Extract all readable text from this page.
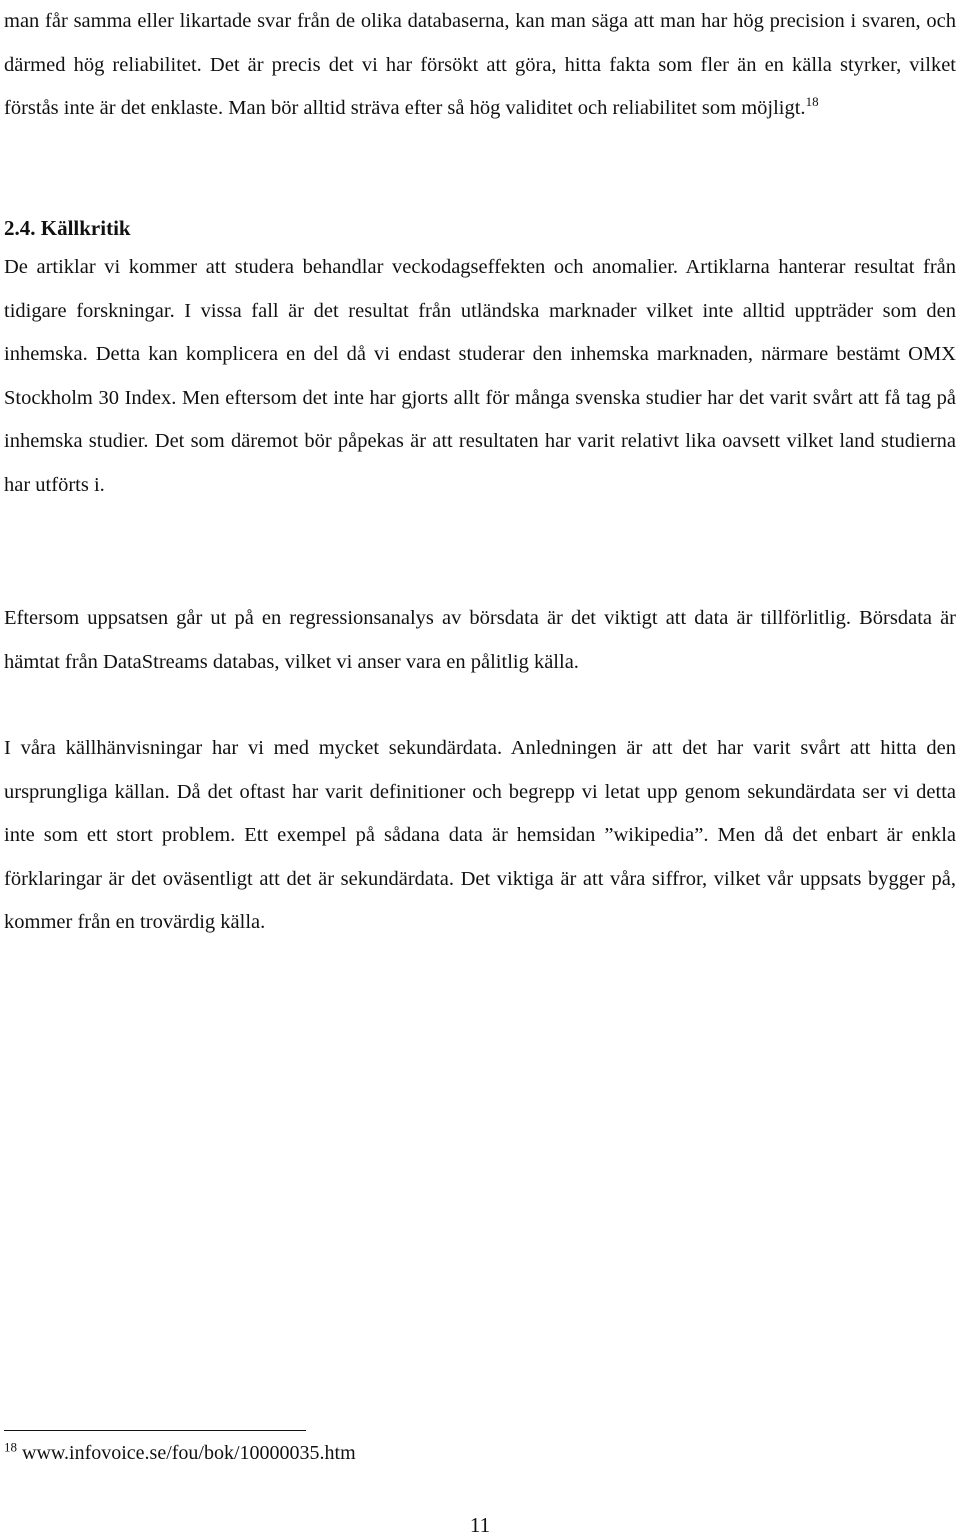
man får samma eller likartade svar från de olika databaserna, kan man säga att man har hög precision i svaren, och därmed hög reliabilitet. Det är precis det vi har försökt att göra, hitta fakta som fler än en källa styrker, vilket förstås inte är det enklaste. Man bör alltid sträva efter så hög validitet och reliabilitet som möjligt.$^{18}$

2.4. Källkritik

De artiklar vi kommer att studera behandlar veckodagseffekten och anomalier. Artiklarna hanterar resultat från tidigare forskningar. I vissa fall är det resultat från utländska marknader vilket inte alltid uppträder som den inhemska. Detta kan komplicera en del då vi endast studerar den inhemska marknaden, närmare bestämt OMX Stockholm 30 Index. Men eftersom det inte har gjorts allt för många svenska studier har det varit svårt att få tag på inhemska studier. Det som däremot bör påpekas är att resultaten har varit relativt lika oavsett vilket land studierna har utförts i.

Eftersom uppsatsen går ut på en regressionsanalys av börsdata är det viktigt att data är tillförlitlig. Börsdata är hämtat från DataStreams databas, vilket vi anser vara en pålitlig källa.

I våra källhänvisningar har vi med mycket sekundärdata. Anledningen är att det har varit svårt att hitta den ursprungliga källan. Då det oftast har varit definitioner och begrepp vi letat upp genom sekundärdata ser vi detta inte som ett stort problem. Ett exempel på sådana data är hemsidan ”wikipedia”. Men då det enbart är enkla förklaringar är det oväsentligt att det är sekundärdata. Det viktiga är att våra siffror, vilket vår uppsats bygger på, kommer från en trovärdig källa.

$^{18}$ www.infovoice.se/fou/bok/10000035.htm

11
